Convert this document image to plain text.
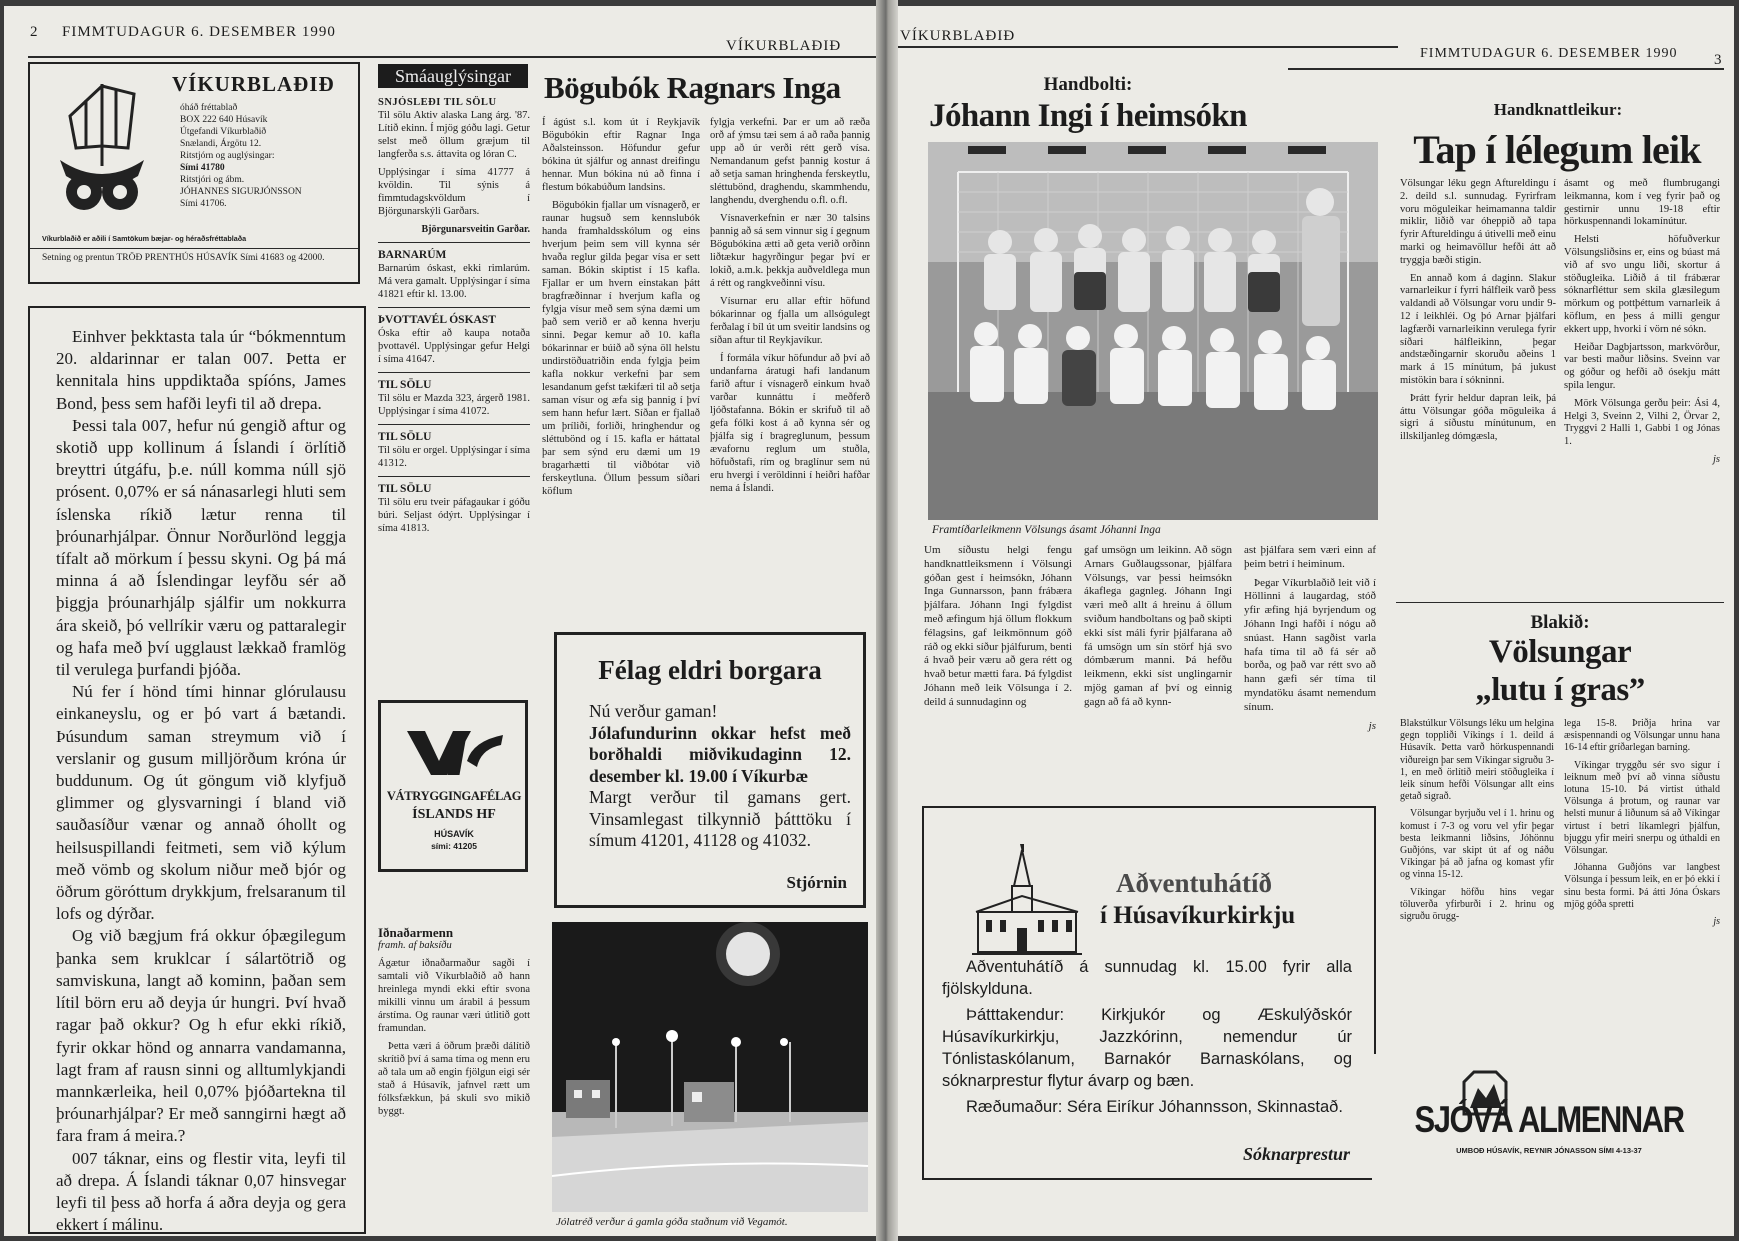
2 FIMMTUDAGUR 6. DESEMBER 1990
VÍKURBLAÐIÐ
VÍKURBLAÐIÐ
óháð fréttablað
BOX 222 640 Húsavík
Útgefandi Víkurblaðið
Snælandi, Árgötu 12.
Ritstjórn og auglýsingar:
Sími 41780
Ritstjóri og ábm.
JÓHANNES SIGURJÓNSSON
Sími 41706.
Víkurblaðið er aðili í Samtökum bæjar- og héraðsfréttablaða
Setning og prentun TRÖÐ PRENTHÚS HÚSAVÍK Sími 41683 og 42000.

Einhver þekktasta tala úr “bókmenntum 20. aldarinnar er talan 007. Þetta er kennitala hins uppdiktaða spíóns, James Bond, þess sem hafði leyfi til að drepa.

Þessi tala 007, hefur nú gengið aftur og skotið upp kollinum á Íslandi í örlítið breyttri útgáfu, þ.e. núll komma núll sjö prósent. 0,07% er sá nánasarlegi hluti sem íslenska ríkið lætur renna til þróunarhjálpar. Önnur Norðurlönd leggja tífalt að mörkum í þessu skyni. Og þá má minna á að Íslendingar leyfðu sér að þiggja þróunarhjálp sjálfir um nokkurra ára skeið, þó vellríkir væru og pattaralegir og hafa með því ugglaust lækkað framlög til verulega þurfandi þjóða.

Nú fer í hönd tími hinnar glórulausu einkaneyslu, og er þó vart á bætandi. Þúsundum saman streymum við í verslanir og gusum milljörðum króna úr buddunum. Og út göngum við klyfjuð glimmer og glysvarningi í bland við sauðasíður vænar og annað óhollt og heilsuspillandi feitmeti, sem við kýlum með vömb og skolum niður með bjór og öðrum göróttum drykkjum, frelsaranum til lofs og dýrðar.

Og við bægjum frá okkur óþægilegum þanka sem kruklcar í sálartötrið og samviskuna, langt að kominn, þaðan sem lítil börn eru að deyja úr hungri. Því hvað ragar það okkur? Og h efur ekki ríkið, fyrir okkar hönd og annarra vandamanna, lagt fram af rausn sinni og alltumlykjandi mannkærleika, heil 0,07% þjóðartekna til þróunarhjálpar? Er með sanngirni hægt að fara fram á meira.?

007 táknar, eins og flestir vita, leyfi til að drepa. Á Íslandi táknar 0,07 hinsvegar leyfi til þess að horfa á aðra deyja og gera ekkert í málinu.

Smáauglýsingar
SNJÓSLEÐI TIL SÖLU

Til sölu Aktiv alaska Lang árg. '87. Lítið ekinn. Í mjög góðu lagi. Getur selst með öllum græjum til langferða s.s. áttavita og lóran C.

Upplýsingar í síma 41777 á kvöldin. Til sýnis á fimmtudagskvöldum í Björgunarskýli Garðars.

Björgunarsveitin Garðar.

BARNARÚM

Barnarúm óskast, ekki rimlarúm. Má vera gamalt. Upplýsingar í síma 41821 eftir kl. 13.00.

ÞVOTTAVÉL ÓSKAST

Óska eftir að kaupa notaða þvottavél. Upplýsingar gefur Helgi í síma 41647.

TIL SÖLU

Til sölu er Mazda 323, árgerð 1981. Upplýsingar í síma 41072.

TIL SÖLU

Til sölu er orgel. Upplýsingar í síma 41312.

TIL SÖLU

Til sölu eru tveir páfagaukar í góðu búri. Seljast ódýrt. Upplýsingar í síma 41813.

VÁTRYGGINGAFÉLAG
ÍSLANDS HF
HÚSAVÍK
sími: 41205
Iðnaðarmenn

framh. af baksíðu

Ágætur iðnaðarmaður sagði í samtali við Víkurblaðið að hann hreinlega myndi ekki eftir svona mikilli vinnu um árabil á þessum árstíma. Og raunar væri útlitið gott framundan.

Þetta væri á öðrum þræði dálítið skrítið því á sama tíma og menn eru að tala um að engin fjölgun eigi sér stað á Húsavík, jafnvel rætt um fólksfækkun, þá skuli svo mikið byggt.

Bögubók Ragnars Inga

Í ágúst s.l. kom út í Reykjavík Bögubókin eftir Ragnar Inga Aðalsteinsson. Höfundur gefur bókina út sjálfur og annast dreifingu hennar. Mun bókina nú að finna í flestum bókabúðum landsins.

Bögubókin fjallar um vísnagerð, er raunar hugsuð sem kennslubók handa framhaldsskólum og eins hverjum þeim sem vill kynna sér hvaða reglur gilda þegar vísa er sett saman. Bókin skiptist í 15 kafla. Fjallar er um hvern einstakan þátt bragfræðinnar í hverjum kafla og fylgja vísur með sem sýna dæmi um það sem verið er að kenna hverju sinni. Þegar kemur að 10. kafla bókarinnar er búið að sýna öll helstu undirstöðuatriðin enda fylgja þeim kafla nokkur verkefni þar sem lesandanum gefst tækifæri til að setja saman vísur og æfa sig þannig í því sem hann hefur lært. Síðan er fjallað um þríliði, forliði, hringhendur og sléttubönd og í 15. kafla er háttatal þar sem sýnd eru dæmi um 19 bragarhætti til viðbótar við ferskeytluna. Öllum þessum síðari köflum

fylgja verkefni. Þar er um að ræða orð af ýmsu tæi sem á að raða þannig upp að úr verði rétt gerð vísa. Nemandanum gefst þannig kostur á að setja saman hringhenda ferskeytlu, sléttubönd, draghendu, skammhendu, langhendu, dverghendu o.fl. o.fl.

Vísnaverkefnin er nær 30 talsins þannig að sá sem vinnur sig í gegnum Bögubókina ætti að geta verið orðinn liðtækur hagyrðingur þegar því er lokið, a.m.k. þekkja auðveldlega mun á rétt og rangkveðinni vísu.

Vísurnar eru allar eftir höfund bókarinnar og fjalla um allsógulegt ferðalag í bíl út um sveitir landsins og síðan aftur til Reykjavíkur.

Í formála víkur höfundur að því að undanfarna áratugi hafi landanum farið aftur í vísnagerð einkum hvað varðar kunnáttu í meðferð ljóðstafanna. Bókin er skrifuð til að gefa fólki kost á að kynna sér og þjálfa sig í bragreglunum, þessum ævafornu reglum um stuðla, höfuðstafi, rím og braglínur sem nú eru hvergi í veröldinni í heiðri hafðar nema á Íslandi.

Félag eldri borgara
Nú verður gaman!
Jólafundurinn okkar hefst með borðhaldi miðvikudaginn 12. desember kl. 19.00 í Víkurbæ
Margt verður til gamans gert. Vinsamlegast tilkynnið þátttöku í símum 41201, 41128 og 41032.
Stjórnin
Jólatréð verður á gamla góða staðnum við Vegamót.
VÍKURBLAÐIÐ
FIMMTUDAGUR 6. DESEMBER 1990 3
Handbolti:
Jóhann Ingi í heimsókn
Framtíðarleikmenn Völsungs ásamt Jóhanni Inga

Um síðustu helgi fengu handknattleiksmenn í Völsungi góðan gest í heimsókn, Jóhann Inga Gunnarsson, þann frábæra þjálfara. Jóhann Ingi fylgdist með æfingum hjá öllum flokkum félagsins, gaf leikmönnum góð ráð og ekki síður þjálfurum, benti á hvað þeir væru að gera rétt og hvað betur mætti fara. Þá fylgdist Jóhann með leik Völsunga í 2. deild á sunnudaginn og

gaf umsögn um leikinn. Að sögn Arnars Guðlaugssonar, þjálfara Völsungs, var þessi heimsókn ákaflega gagnleg. Jóhann Ingi væri með allt á hreinu á öllum sviðum handboltans og það skipti ekki síst máli fyrir þjálfarana að fá umsögn um sín störf hjá svo dómbærum manni. Þá hefðu leikmenn, ekki síst unglingarnir mjög gaman af því og einnig gagn að fá að kynn-

ast þjálfara sem væri einn af þeim betri í heiminum.

Þegar Víkurblaðið leit við í Höllinni á laugardag, stóð yfir æfing hjá byrjendum og Jóhann Ingi hafði í nógu að snúast. Hann sagðist varla hafa tíma til að fá sér að borða, og það var rétt svo að hann gæfi sér tíma til myndatöku ásamt nemendum sínum.

js

Handknattleikur:
Tap í lélegum leik

Völsungar léku gegn Aftureldingu í 2. deild s.l. sunnudag. Fyrirfram voru möguleikar heimamanna taldir miklir, liðið var óheppið að tapa fyrir Aftureldingu á útivelli með einu marki og heimavöllur hefði átt að tryggja bæði stigin.

En annað kom á daginn. Slakur varnarleikur í fyrri hálfleik varð þess valdandi að Völsungar voru undir 9-12 í leikhléi. Og þó Arnar þjálfari lagfærði varnarleikinn verulega fyrir síðari hálfleikinn, þegar andstæðingarnir skoruðu aðeins 1 mark á 15 mínútum, þá jukust mistökin bara í sókninni.

Þrátt fyrir heldur dapran leik, þá áttu Völsungar góða möguleika á sigri á síðustu mínútunum, en illskiljanleg dómgæsla,

ásamt og með flumbrugangi leikmanna, kom í veg fyrir það og gestirnir unnu 19-18 eftir hörkuspennandi lokamínútur.

Helsti höfuðverkur Völsungsliðsins er, eins og búast má við af svo ungu liði, skortur á stöðugleika. Liðið á til frábærar sóknarfléttur sem skila glæsilegum mörkum og pottþéttum varnarleik á köflum, en þess á milli gengur ekkert upp, hvorki í vörn né sókn.

Heiðar Dagbjartsson, markvörður, var besti maður liðsins. Sveinn var og góður og hefði að ósekju mátt spila lengur.

Mörk Völsunga gerðu þeir: Ási 4, Helgi 3, Sveinn 2, Vilhi 2, Örvar 2, Tryggvi 2 Halli 1, Gabbi 1 og Jónas 1.

js

Blakið:
Völsungar
„lutu í gras”

Blakstúlkur Völsungs léku um helgina gegn toppliði Víkings í 1. deild á Húsavík. Þetta varð hörkuspennandi viðureign þar sem Víkingar sigruðu 3-1, en með örlítið meiri stöðugleika í leik sínum hefði Völsungar allt eins getað sigrað.

Völsungar byrjuðu vel í 1. hrinu og komust í 7-3 og voru vel yfir þegar besta leikmanni liðsins, Jóhönnu Guðjóns, var skipt út af og náðu Víkingar þá að jafna og komast yfir og vinna 15-12.

Víkingar höfðu hins vegar töluverða yfirburði í 2. hrinu og sigruðu örugg-

lega 15-8. Þriðja hrina var æsispennandi og Völsungar unnu hana 16-14 eftir gríðarlegan barning.

Víkingar tryggðu sér svo sigur í leiknum með því að vinna síðustu lotuna 15-10. Þá virtist úthald Völsunga á þrotum, og raunar var helsti munur á liðunum sá að Víkingar virtust í betri líkamlegri þjálfun, bjuggu yfir meiri snerpu og úthaldi en Völsungar.

Jóhanna Guðjóns var langbest Völsunga í þessum leik, en er þó ekki í sinu besta formi. Þá átti Jóna Óskars mjög góða spretti

js

Aðventuhátíð
í Húsavíkurkirkju

Aðventuhátíð á sunnudag kl. 15.00 fyrir alla fjölskylduna.

Þátttakendur: Kirkjukór og Æskulýðskór Húsavíkurkirkju, Jazzkórinn, nemendur úr Tónlistaskólanum, Barnakór Barnaskólans, og sóknarprestur flytur ávarp og bæn.

Ræðumaður: Séra Eiríkur Jóhannsson, Skinnastað.

Sóknarprestur
SJÓVÁ ALMENNAR
UMBOÐ HÚSAVÍK, REYNIR JÓNASSON SÍMI 4-13-37
